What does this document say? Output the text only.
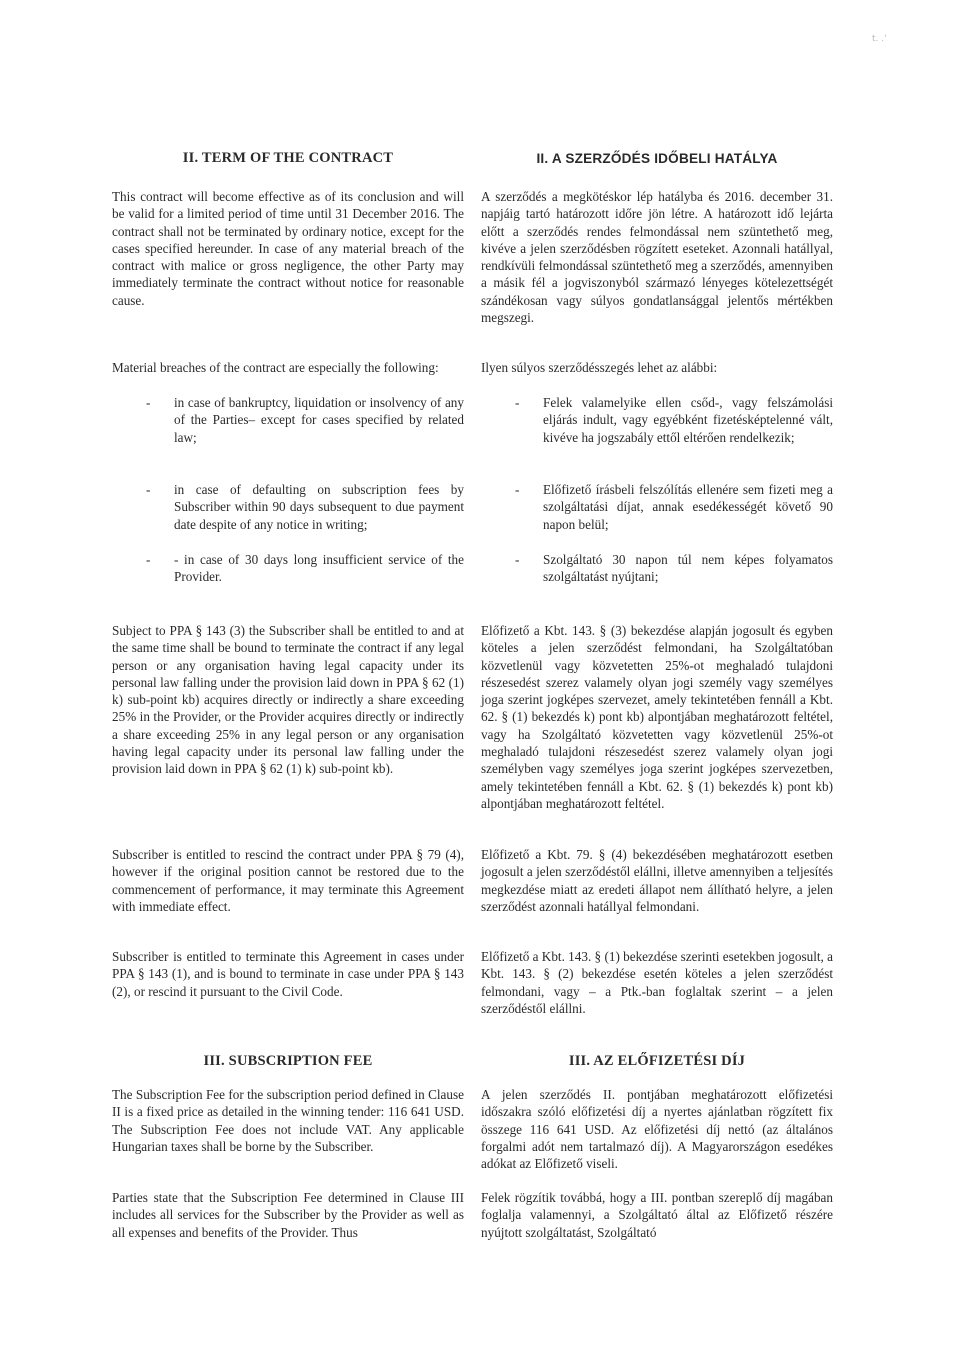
t. .'
II. TERM OF THE CONTRACT

This contract will become effective as of its conclusion and will be valid for a limited period of time until 31 December 2016. The contract shall not be terminated by ordinary notice, except for the cases specified hereunder. In case of any material breach of the contract with malice or gross negligence, the other Party may immediately terminate the contract without notice for reasonable cause.

Material breaches of the contract are especially the following:

- in case of bankruptcy, liquidation or insolvency of any of the Parties– except for cases specified by related law;
- in case of defaulting on subscription fees by Subscriber within 90 days subsequent to due payment date despite of any notice in writing;
- - in case of 30 days long insufficient service of the Provider.

Subject to PPA § 143 (3) the Subscriber shall be entitled to and at the same time shall be bound to terminate the contract if any legal person or any organisation having legal capacity under its personal law falling under the provision laid down in PPA § 62 (1) k) sub-point kb) acquires directly or indirectly a share exceeding 25% in the Provider, or the Provider acquires directly or indirectly a share exceeding 25% in any legal person or any organisation having legal capacity under its personal law falling under the provision laid down in PPA § 62 (1) k) sub-point kb).

Subscriber is entitled to rescind the contract under PPA § 79 (4), however if the original position cannot be restored due to the commencement of performance, it may terminate this Agreement with immediate effect.

Subscriber is entitled to terminate this Agreement in cases under PPA § 143 (1), and is bound to terminate in case under PPA § 143 (2), or rescind it pursuant to the Civil Code.

III. SUBSCRIPTION FEE

The Subscription Fee for the subscription period defined in Clause II is a fixed price as detailed in the winning tender: 116 641 USD. The Subscription Fee does not include VAT. Any applicable Hungarian taxes shall be borne by the Subscriber.

Parties state that the Subscription Fee determined in Clause III includes all services for the Subscriber by the Provider as well as all expenses and benefits of the Provider. Thus

II. A SZERZŐDÉS IDŐBELI HATÁLYA

A szerződés a megkötéskor lép hatályba és 2016. december 31. napjáig tartó határozott időre jön létre. A határozott idő lejárta előtt a szerződés rendes felmondással nem szüntethető meg, kivéve a jelen szerződésben rögzített eseteket. Azonnali hatállyal, rendkívüli felmondással szüntethető meg a szerződés, amennyiben a másik fél a jogviszonyból származó lényeges kötelezettségét szándékosan vagy súlyos gondatlansággal jelentős mértékben megszegi.

Ilyen súlyos szerződésszegés lehet az alábbi:

- Felek valamelyike ellen csőd-, vagy felszámolási eljárás indult, vagy egyébként fizetésképtelenné vált, kivéve ha jogszabály ettől eltérően rendelkezik;
- Előfizető írásbeli felszólítás ellenére sem fizeti meg a szolgáltatási díjat, annak esedékességét követő 90 napon belül;
- Szolgáltató 30 napon túl nem képes folyamatos szolgáltatást nyújtani;

Előfizető a Kbt. 143. § (3) bekezdése alapján jogosult és egyben köteles a jelen szerződést felmondani, ha Szolgáltatóban közvetlenül vagy közvetetten 25%-ot meghaladó tulajdoni részesedést szerez valamely olyan jogi személy vagy személyes joga szerint jogképes szervezet, amely tekintetében fennáll a Kbt. 62. § (1) bekezdés k) pont kb) alpontjában meghatározott feltétel, vagy ha Szolgáltató közvetetten vagy közvetlenül 25%-ot meghaladó tulajdoni részesedést szerez valamely olyan jogi személyben vagy személyes joga szerint jogképes szervezetben, amely tekintetében fennáll a Kbt. 62. § (1) bekezdés k) pont kb) alpontjában meghatározott feltétel.

Előfizető a Kbt. 79. § (4) bekezdésében meghatározott esetben jogosult a jelen szerződéstől elállni, illetve amennyiben a teljesítés megkezdése miatt az eredeti állapot nem állítható helyre, a jelen szerződést azonnali hatállyal felmondani.

Előfizető a Kbt. 143. § (1) bekezdése szerinti esetekben jogosult, a Kbt. 143. § (2) bekezdése esetén köteles a jelen szerződést felmondani, vagy – a Ptk.-ban foglaltak szerint – a jelen szerződéstől elállni.

III. AZ ELŐFIZETÉSI DÍJ

A jelen szerződés II. pontjában meghatározott előfizetési időszakra szóló előfizetési díj a nyertes ajánlatban rögzített fix összege 116 641 USD. Az előfizetési díj nettó (az általános forgalmi adót nem tartalmazó díj). A Magyarországon esedékes adókat az Előfizető viseli.

Felek rögzítik továbbá, hogy a III. pontban szereplő díj magában foglalja valamennyi, a Szolgáltató által az Előfizető részére nyújtott szolgáltatást, Szolgáltató
